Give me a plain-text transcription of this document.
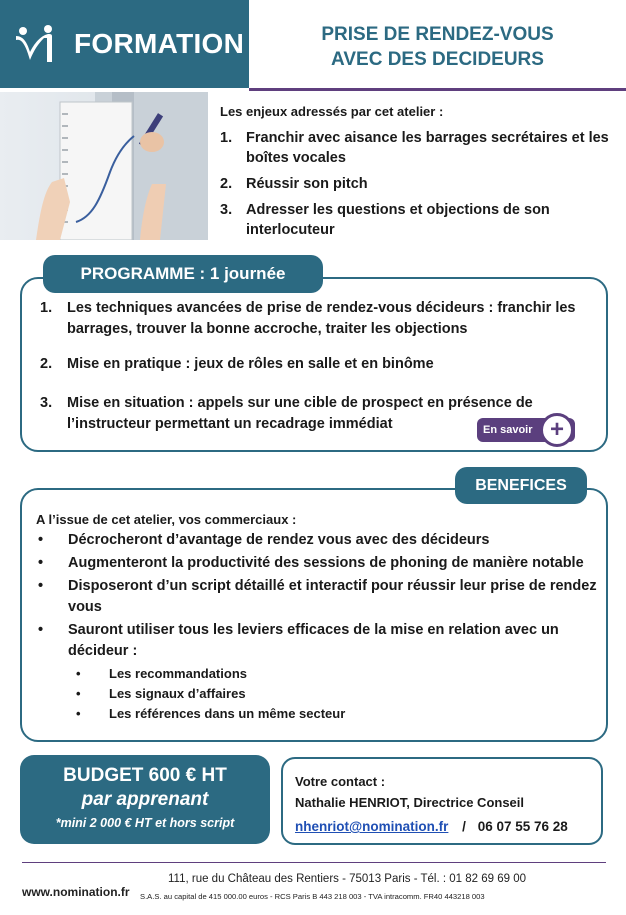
FORMATION	PRISE DE RENDEZ-VOUS
AVEC DES DECIDEURS
Les enjeux adressés par cet atelier :
1. Franchir avec aisance les barrages secrétaires et les boîtes vocales
2. Réussir son pitch
3. Adresser les questions et objections de son interlocuteur
PROGRAMME : 1 journée
1.	Les techniques avancées de prise de rendez-vous décideurs : franchir les barrages, trouver la bonne accroche, traiter les objections
2.	Mise en pratique : jeux de rôles en salle et en binôme
3.	Mise en situation : appels sur une cible de prospect en présence de l’instructeur permettant un recadrage immédiat	En savoir +
BENEFICES
A l’issue de cet atelier, vos commerciaux :
•	Décrocheront d’avantage de rendez vous avec des décideurs
•	Augmenteront la productivité des sessions de phoning de manière notable
•	Disposeront d’un script détaillé et interactif pour réussir leur prise de rendez vous
•	Sauront utiliser tous les leviers efficaces de la mise en relation avec un décideur :
•	Les recommandations
•	Les signaux d’affaires
•	Les références dans un même secteur
BUDGET 600 € HT
par apprenant
*mini 2 000 € HT et hors script
Votre contact :
Nathalie HENRIOT, Directrice Conseil
nhenriot@nomination.fr / 06 07 55 76 28
www.nomination.fr
111, rue du Château des Rentiers - 75013 Paris - Tél. : 01 82 69 69 00
S.A.S. au capital de 415 000.00 euros - RCS Paris B 443 218 003 - TVA intracomm. FR40 443218 003
